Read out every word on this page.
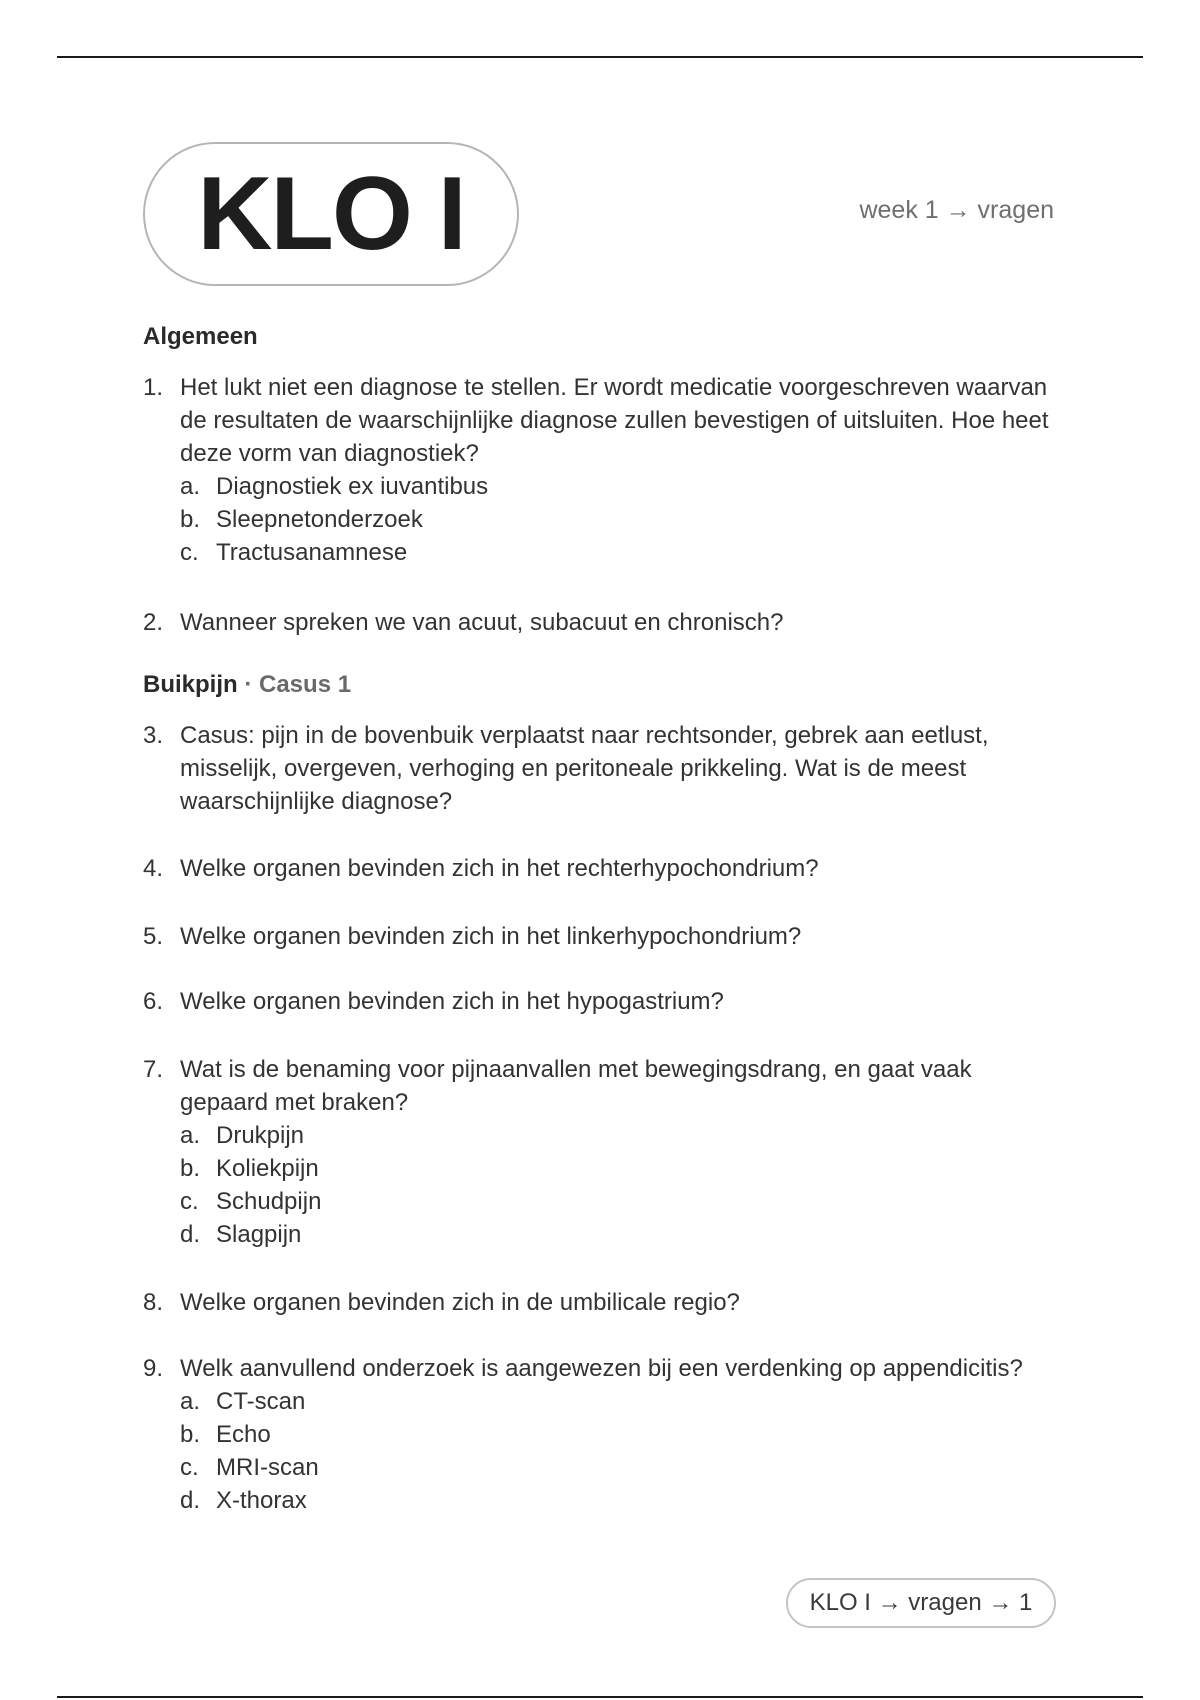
KLO I	week 1 → vragen
Algemeen
1. Het lukt niet een diagnose te stellen. Er wordt medicatie voorgeschreven waarvan de resultaten de waarschijnlijke diagnose zullen bevestigen of uitsluiten. Hoe heet deze vorm van diagnostiek?
a. Diagnostiek ex iuvantibus
b. Sleepnetonderzoek
c. Tractusanamnese
2. Wanneer spreken we van acuut, subacuut en chronisch?
Buikpijn · Casus 1
3. Casus: pijn in de bovenbuik verplaatst naar rechtsonder, gebrek aan eetlust, misselijk, overgeven, verhoging en peritoneale prikkeling. Wat is de meest waarschijnlijke diagnose?
4. Welke organen bevinden zich in het rechterhypochondrium?
5. Welke organen bevinden zich in het linkerhypochondrium?
6. Welke organen bevinden zich in het hypogastrium?
7. Wat is de benaming voor pijnaanvallen met bewegingsdrang, en gaat vaak gepaard met braken?
a. Drukpijn
b. Koliekpijn
c. Schudpijn
d. Slagpijn
8. Welke organen bevinden zich in de umbilicale regio?
9. Welk aanvullend onderzoek is aangewezen bij een verdenking op appendicitis?
a. CT-scan
b. Echo
c. MRI-scan
d. X-thorax
KLO I → vragen → 1
